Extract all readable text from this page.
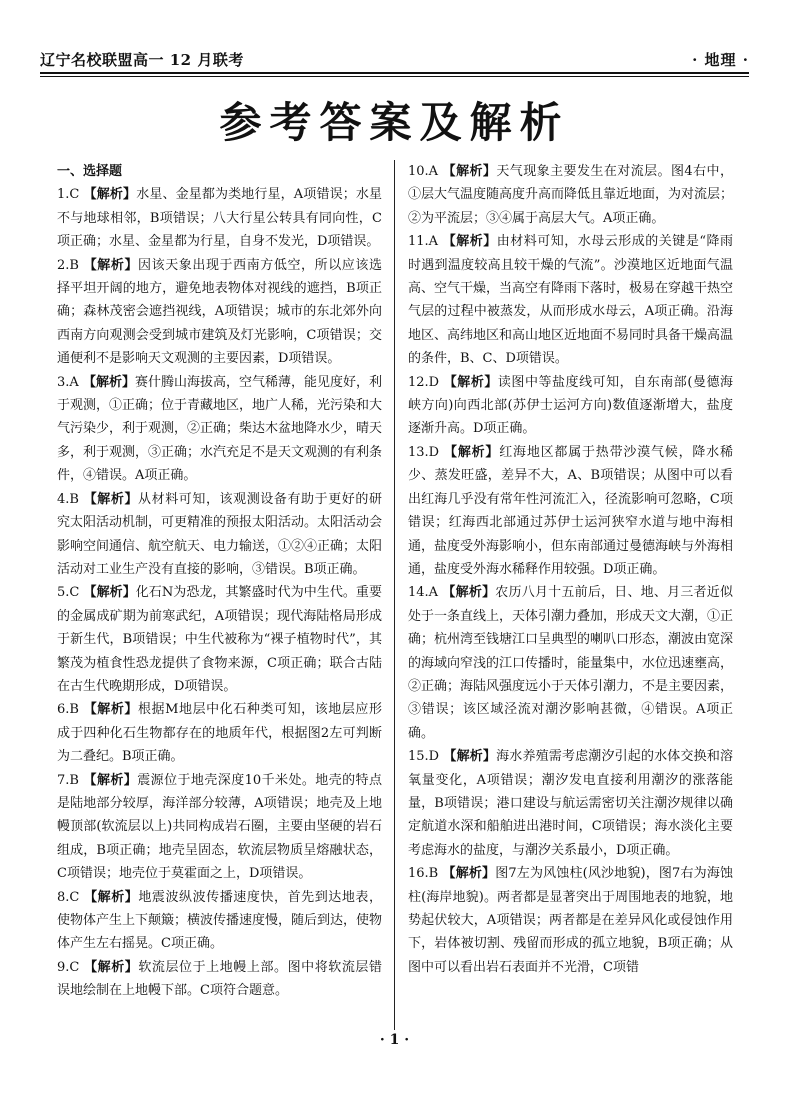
辽宁名校联盟高一 12 月联考	· 地理 ·
参考答案及解析
一、选择题

1.C 【解析】水星、金星都为类地行星，A项错误；水星不与地球相邻，B项错误；八大行星公转具有同向性，C项正确；水星、金星都为行星，自身不发光，D项错误。

2.B 【解析】因该天象出现于西南方低空，所以应该选择平坦开阔的地方，避免地表物体对视线的遮挡，B项正确；森林茂密会遮挡视线，A项错误；城市的东北郊外向西南方向观测会受到城市建筑及灯光影响，C项错误；交通便利不是影响天文观测的主要因素，D项错误。

3.A 【解析】赛什腾山海拔高，空气稀薄，能见度好，利于观测，①正确；位于青藏地区，地广人稀，光污染和大气污染少，利于观测，②正确；柴达木盆地降水少，晴天多，利于观测，③正确；水汽充足不是天文观测的有利条件，④错误。A项正确。

4.B 【解析】从材料可知，该观测设备有助于更好的研究太阳活动机制，可更精准的预报太阳活动。太阳活动会影响空间通信、航空航天、电力输送，①②④正确；太阳活动对工业生产没有直接的影响，③错误。B项正确。

5.C 【解析】化石N为恐龙，其繁盛时代为中生代。重要的金属成矿期为前寒武纪，A项错误；现代海陆格局形成于新生代，B项错误；中生代被称为“裸子植物时代”，其繁茂为植食性恐龙提供了食物来源，C项正确；联合古陆在古生代晚期形成，D项错误。

6.B 【解析】根据M地层中化石种类可知，该地层应形成于四种化石生物都存在的地质年代，根据图2左可判断为二叠纪。B项正确。

7.B 【解析】震源位于地壳深度10千米处。地壳的特点是陆地部分较厚，海洋部分较薄，A项错误；地壳及上地幔顶部(软流层以上)共同构成岩石圈，主要由坚硬的岩石组成，B项正确；地壳呈固态，软流层物质呈熔融状态，C项错误；地壳位于莫霍面之上，D项错误。

8.C 【解析】地震波纵波传播速度快，首先到达地表，使物体产生上下颠簸；横波传播速度慢，随后到达，使物体产生左右摇晃。C项正确。

9.C 【解析】软流层位于上地幔上部。图中将软流层错误地绘制在上地幔下部。C项符合题意。

10.A 【解析】天气现象主要发生在对流层。图4右中，①层大气温度随高度升高而降低且靠近地面，为对流层；②为平流层；③④属于高层大气。A项正确。

11.A 【解析】由材料可知，水母云形成的关键是“降雨时遇到温度较高且较干燥的气流”。沙漠地区近地面气温高、空气干燥，当高空有降雨下落时，极易在穿越干热空气层的过程中被蒸发，从而形成水母云，A项正确。沿海地区、高纬地区和高山地区近地面不易同时具备干燥高温的条件，B、C、D项错误。

12.D 【解析】读图中等盐度线可知，自东南部(曼德海峡方向)向西北部(苏伊士运河方向)数值逐渐增大，盐度逐渐升高。D项正确。

13.D 【解析】红海地区都属于热带沙漠气候，降水稀少、蒸发旺盛，差异不大，A、B项错误；从图中可以看出红海几乎没有常年性河流汇入，径流影响可忽略，C项错误；红海西北部通过苏伊士运河狭窄水道与地中海相通，盐度受外海影响小，但东南部通过曼德海峡与外海相通，盐度受外海水稀释作用较强。D项正确。

14.A 【解析】农历八月十五前后，日、地、月三者近似处于一条直线上，天体引潮力叠加，形成天文大潮，①正确；杭州湾至钱塘江口呈典型的喇叭口形态，潮波由宽深的海域向窄浅的江口传播时，能量集中，水位迅速壅高，②正确；海陆风强度远小于天体引潮力，不是主要因素，③错误；该区域泾流对潮汐影响甚微，④错误。A项正确。

15.D 【解析】海水养殖需考虑潮汐引起的水体交换和溶氧量变化，A项错误；潮汐发电直接利用潮汐的涨落能量，B项错误；港口建设与航运需密切关注潮汐规律以确定航道水深和船舶进出港时间，C项错误；海水淡化主要考虑海水的盐度，与潮汐关系最小，D项正确。

16.B 【解析】图7左为风蚀柱(风沙地貌)，图7右为海蚀柱(海岸地貌)。两者都是显著突出于周围地表的地貌，地势起伏较大，A项错误；两者都是在差异风化或侵蚀作用下，岩体被切割、残留而形成的孤立地貌，B项正确；从图中可以看出岩石表面并不光滑，C项错

· 1 ·
